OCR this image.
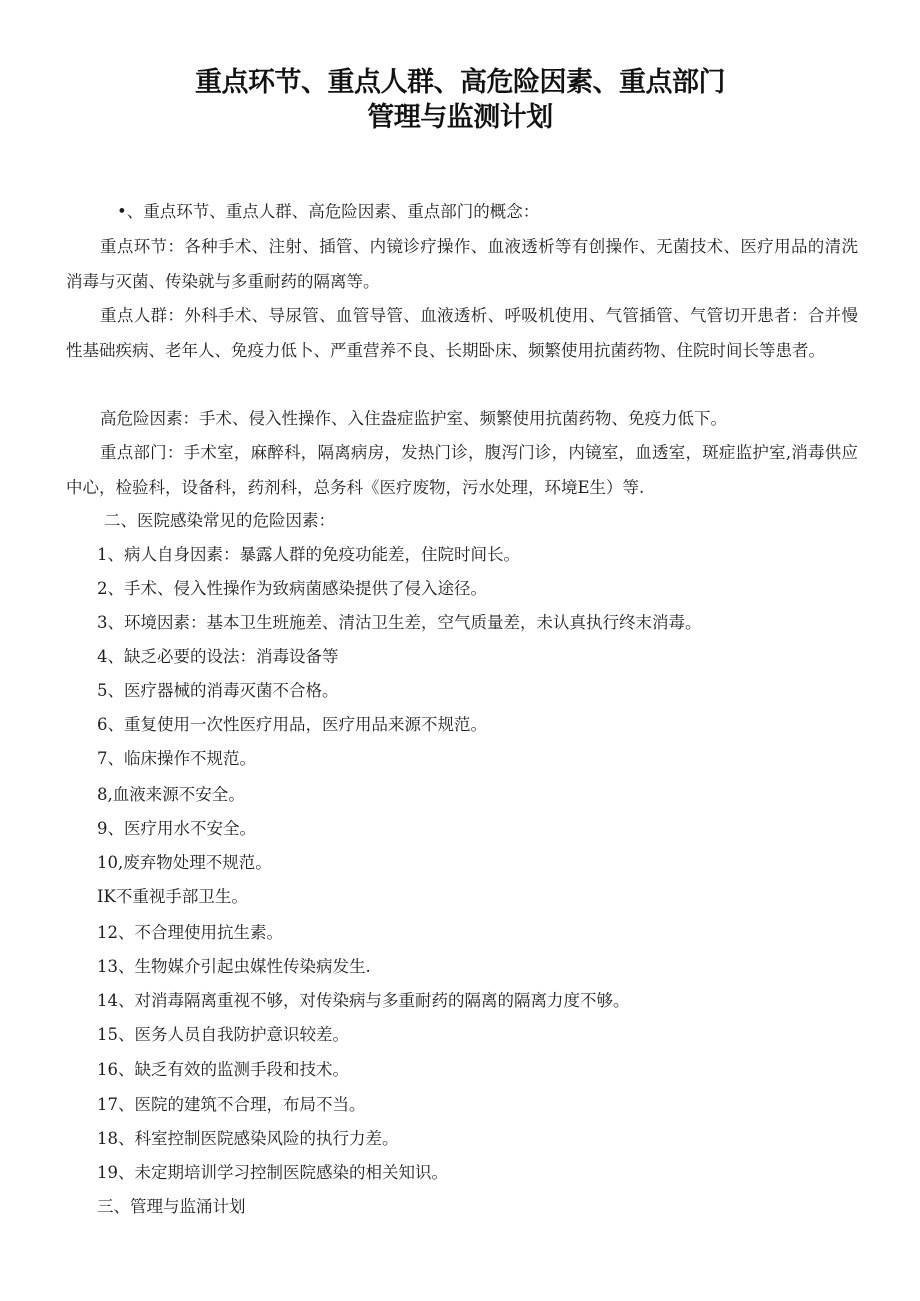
重点环节、重点人群、高危险因素、重点部门
管理与监测计划
•、重点环节、重点人群、高危险因素、重点部门的概念：
重点环节：各种手术、注射、插管、内镜诊疗操作、血液透析等有创操作、无菌技术、医疗用品的清洗消毒与灭菌、传染就与多重耐药的隔离等。
重点人群：外科手术、导尿管、血管导管、血液透析、呼吸机使用、气管插管、气管切开患者：合并慢性基础疾病、老年人、免疫力低卜、严重营养不良、长期卧床、频繁使用抗菌药物、住院时间长等患者。
高危险因素：手术、侵入性操作、入住盎症监护室、频繁使用抗菌药物、免疫力低下。
重点部门：手术室，麻醉科，隔离病房，发热门诊，腹泻门诊，内镜室，血透室，斑症监护室,消毒供应中心，检验科，设备科，药剂科，总务科《医疗废物，污水处理，环境E生）等.
二、医院感染常见的危险因素：
1、病人自身因素：暴露人群的免疫功能差，住院时间长。
2、手术、侵入性操作为致病菌感染提供了侵入途径。
3、环境因素：基本卫生班施差、清沽卫生差，空气质量差，未认真执行终末消毒。
4、缺乏必要的设法：消毒设备等
5、医疗器械的消毒灭菌不合格。
6、重复使用一次性医疗用品，医疗用品来源不规范。
7、临床操作不规范。
8,血液来源不安全。
9、医疗用水不安全。
10,废弃物处理不规范。
IK不重视手部卫生。
12、不合理使用抗生素。
13、生物媒介引起虫媒性传染病发生.
14、对消毒隔离重视不够，对传染病与多重耐药的隔离的隔离力度不够。
15、医务人员自我防护意识较差。
16、缺乏有效的监测手段和技术。
17、医院的建筑不合理，布局不当。
18、科室控制医院感染风险的执行力差。
19、未定期培训学习控制医院感染的相关知识。
三、管理与监涌计划
